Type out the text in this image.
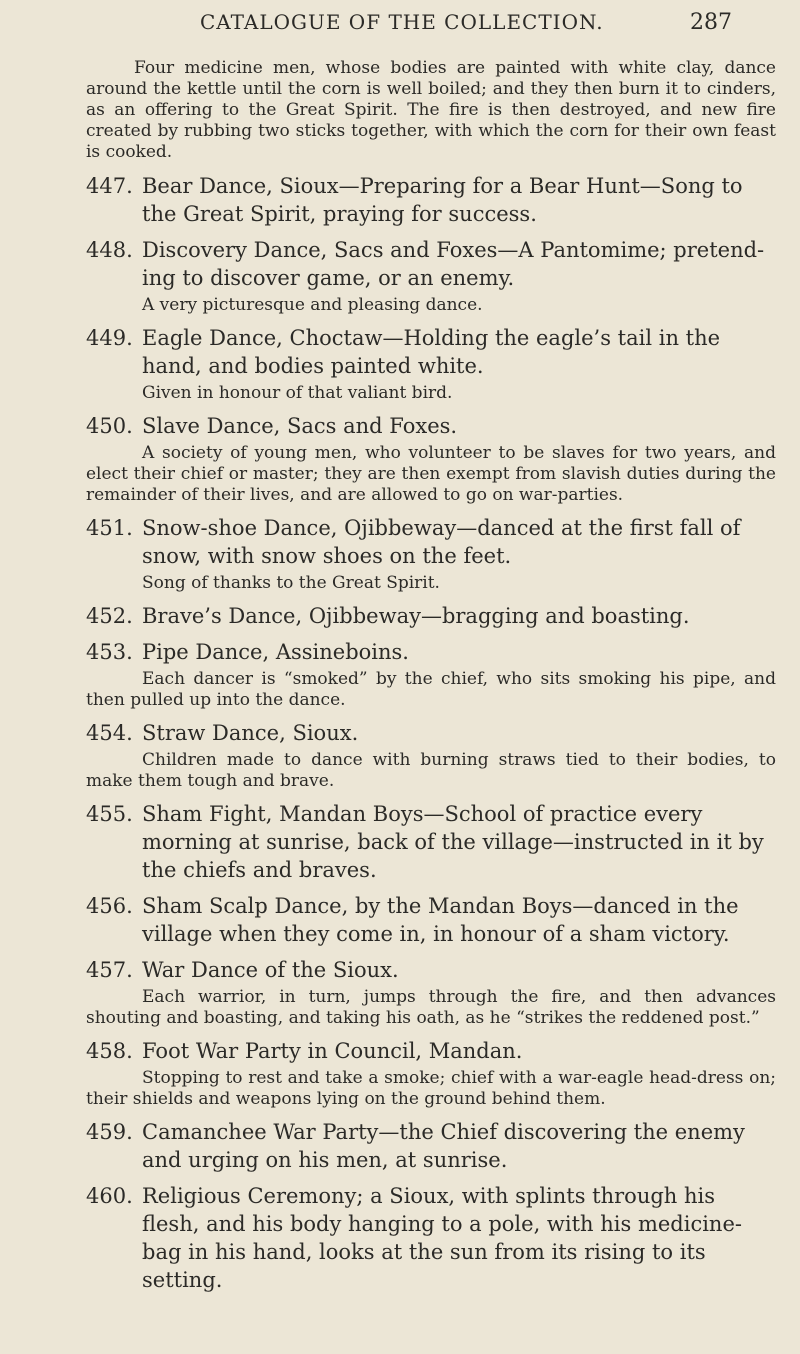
CATALOGUE OF THE COLLECTION.	287

Four medicine men, whose bodies are painted with white clay, dance around the kettle until the corn is well boiled; and they then burn it to cinders, as an offering to the Great Spirit. The fire is then destroyed, and new fire created by rubbing two sticks together, with which the corn for their own feast is cooked.

447. Bear Dance, Sioux—Preparing for a Bear Hunt—Song to the Great Spirit, praying for success.
448. Discovery Dance, Sacs and Foxes—A Pantomime; pretend-ing to discover game, or an enemy.
A very picturesque and pleasing dance.
449. Eagle Dance, Choctaw—Holding the eagle’s tail in the hand, and bodies painted white.
Given in honour of that valiant bird.
450. Slave Dance, Sacs and Foxes.
A society of young men, who volunteer to be slaves for two years, and elect their chief or master; they are then exempt from slavish duties during the remainder of their lives, and are allowed to go on war-parties.
451. Snow-shoe Dance, Ojibbeway—danced at the first fall of snow, with snow shoes on the feet.
Song of thanks to the Great Spirit.
452. Brave’s Dance, Ojibbeway—bragging and boasting.
453. Pipe Dance, Assineboins.
Each dancer is “smoked” by the chief, who sits smoking his pipe, and then pulled up into the dance.
454. Straw Dance, Sioux.
Children made to dance with burning straws tied to their bodies, to make them tough and brave.
455. Sham Fight, Mandan Boys—School of practice every morning at sunrise, back of the village—instructed in it by the chiefs and braves.
456. Sham Scalp Dance, by the Mandan Boys—danced in the village when they come in, in honour of a sham victory.
457. War Dance of the Sioux.
Each warrior, in turn, jumps through the fire, and then advances shouting and boasting, and taking his oath, as he “strikes the reddened post.”
458. Foot War Party in Council, Mandan.
Stopping to rest and take a smoke; chief with a war-eagle head-dress on; their shields and weapons lying on the ground behind them.
459. Camanchee War Party—the Chief discovering the enemy and urging on his men, at sunrise.
460. Religious Ceremony; a Sioux, with splints through his flesh, and his body hanging to a pole, with his medicine-bag in his hand, looks at the sun from its rising to its setting.
